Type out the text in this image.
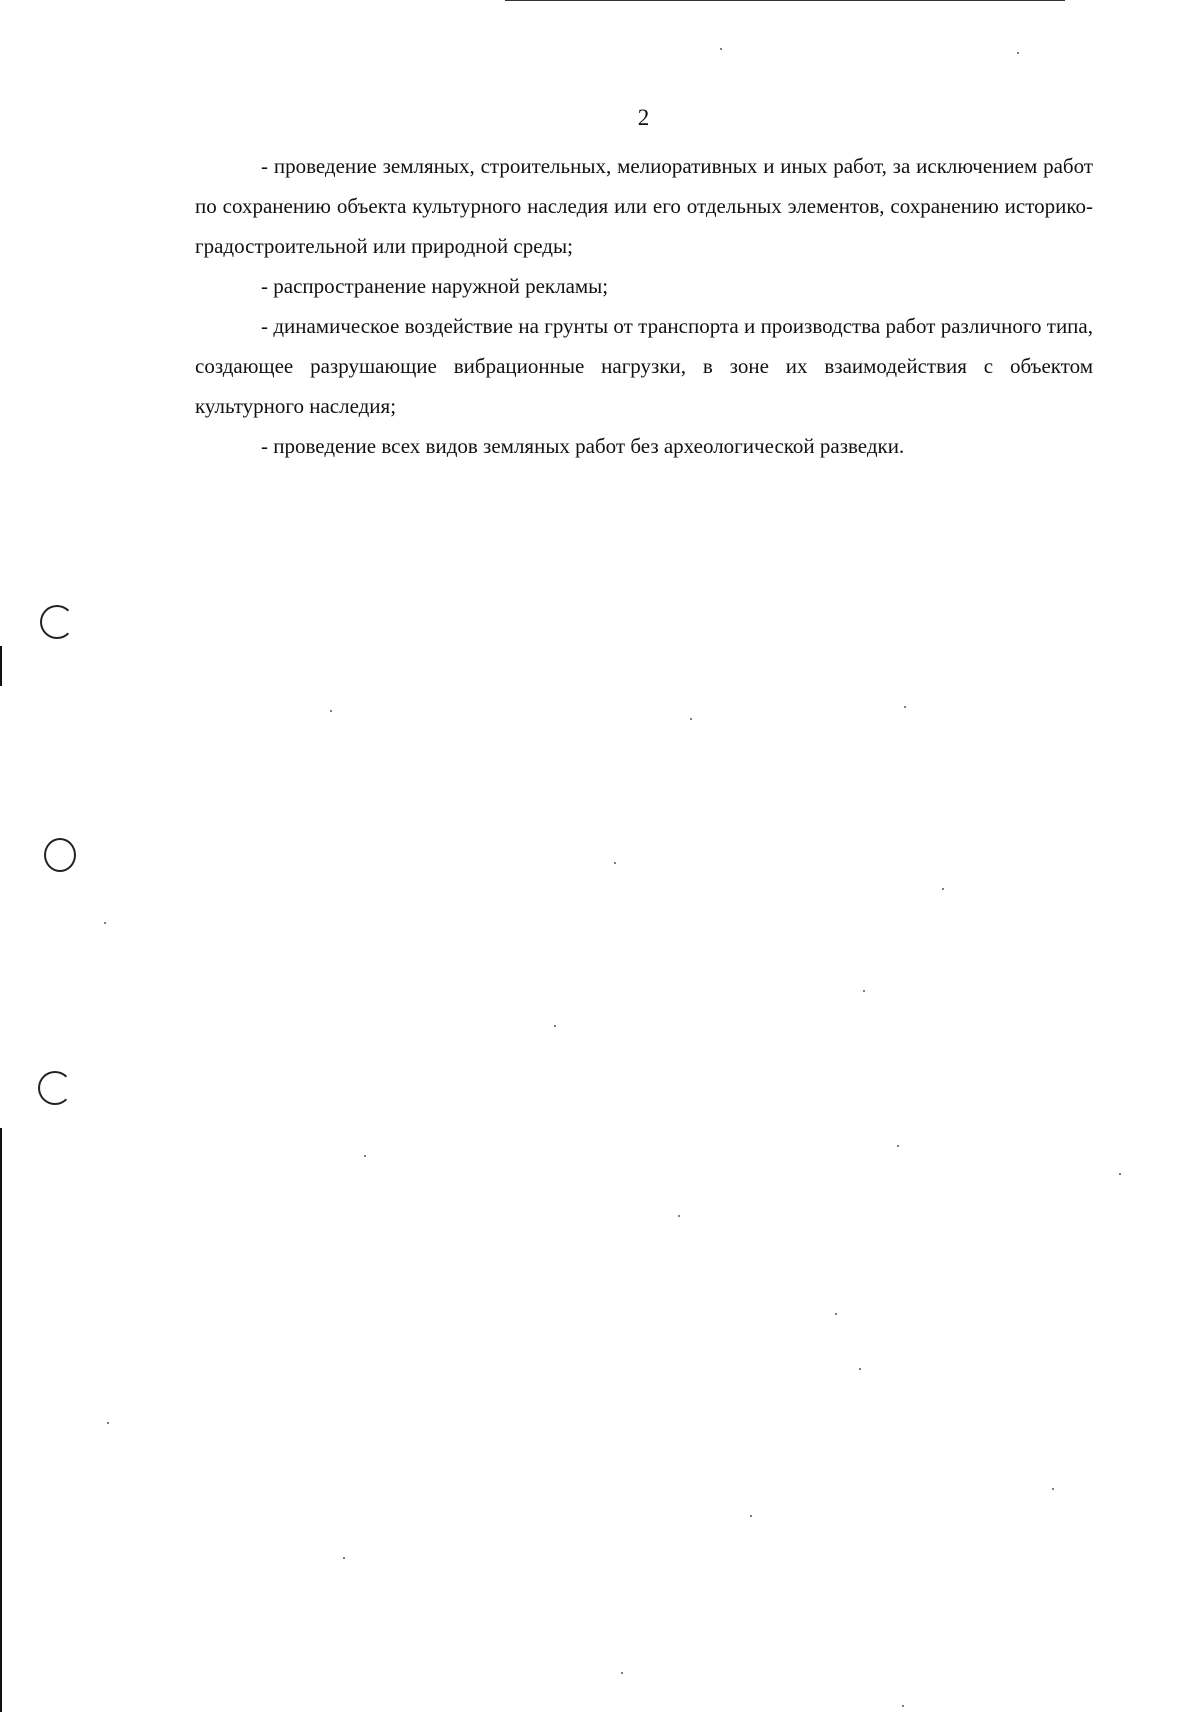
2

- проведение земляных, строительных, мелиоративных и иных работ, за исключением работ по сохранению объекта культурного наследия или его отдельных элементов, сохранению историко-градостроительной или природной среды;

- распространение наружной рекламы;

- динамическое воздействие на грунты от транспорта и производства работ различного типа, создающее разрушающие вибрационные нагрузки, в зоне их взаимодействия с объектом культурного наследия;

- проведение всех видов земляных работ без археологической разведки.
